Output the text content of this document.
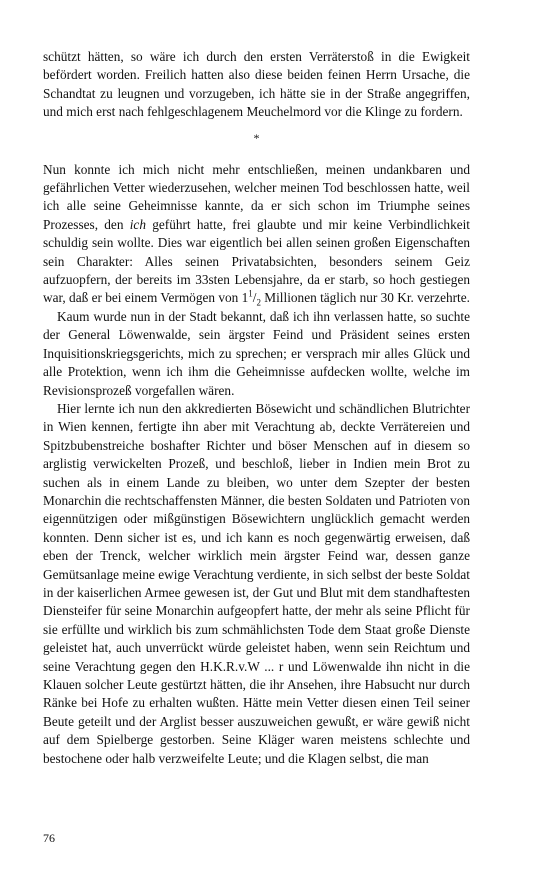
schützt hätten, so wäre ich durch den ersten Verräterstoß in die Ewigkeit befördert worden. Freilich hatten also diese beiden feinen Herrn Ursache, die Schandtat zu leugnen und vorzugeben, ich hätte sie in der Straße angegriffen, und mich erst nach fehlgeschlagenem Meuchelmord vor die Klinge zu fordern.

*

Nun konnte ich mich nicht mehr entschließen, meinen undankbaren und gefährlichen Vetter wiederzusehen, welcher meinen Tod beschlossen hatte, weil ich alle seine Geheimnisse kannte, da er sich schon im Triumphe seines Prozesses, den ich geführt hatte, frei glaubte und mir keine Verbindlichkeit schuldig sein wollte. Dies war eigentlich bei allen seinen großen Eigenschaften sein Charakter: Alles seinen Privatabsichten, besonders seinem Geiz aufzuopfern, der bereits im 33sten Lebensjahre, da er starb, so hoch gestiegen war, daß er bei einem Vermögen von $1^1/_2$ Millionen täglich nur 30 Kr. verzehrte.

Kaum wurde nun in der Stadt bekannt, daß ich ihn verlassen hatte, so suchte der General Löwenwalde, sein ärgster Feind und Präsident seines ersten Inquisitionskriegsgerichts, mich zu sprechen; er versprach mir alles Glück und alle Protektion, wenn ich ihm die Geheimnisse aufdecken wollte, welche im Revisionsprozeß vorgefallen wären.

Hier lernte ich nun den akkredierten Bösewicht und schändlichen Blutrichter in Wien kennen, fertigte ihn aber mit Verachtung ab, deckte Verrätereien und Spitzbubenstreiche boshafter Richter und böser Menschen auf in diesem so arglistig verwickelten Prozeß, und beschloß, lieber in Indien mein Brot zu suchen als in einem Lande zu bleiben, wo unter dem Szepter der besten Monarchin die rechtschaffensten Männer, die besten Soldaten und Patrioten von eigennützigen oder mißgünstigen Bösewichtern unglücklich gemacht werden konnten. Denn sicher ist es, und ich kann es noch gegenwärtig erweisen, daß eben der Trenck, welcher wirklich mein ärgster Feind war, dessen ganze Gemütsanlage meine ewige Verachtung verdiente, in sich selbst der beste Soldat in der kaiserlichen Armee gewesen ist, der Gut und Blut mit dem standhaftesten Diensteifer für seine Monarchin aufgeopfert hatte, der mehr als seine Pflicht für sie erfüllte und wirklich bis zum schmählichsten Tode dem Staat große Dienste geleistet hat, auch unverrückt würde geleistet haben, wenn sein Reichtum und seine Verachtung gegen den H.K.R.v.W ... r und Löwenwalde ihn nicht in die Klauen solcher Leute gestürtzt hätten, die ihr Ansehen, ihre Habsucht nur durch Ränke bei Hofe zu erhalten wußten. Hätte mein Vetter diesen einen Teil seiner Beute geteilt und der Arglist besser auszuweichen gewußt, er wäre gewiß nicht auf dem Spielberge gestorben. Seine Kläger waren meistens schlechte und bestochene oder halb verzweifelte Leute; und die Klagen selbst, die man

76
